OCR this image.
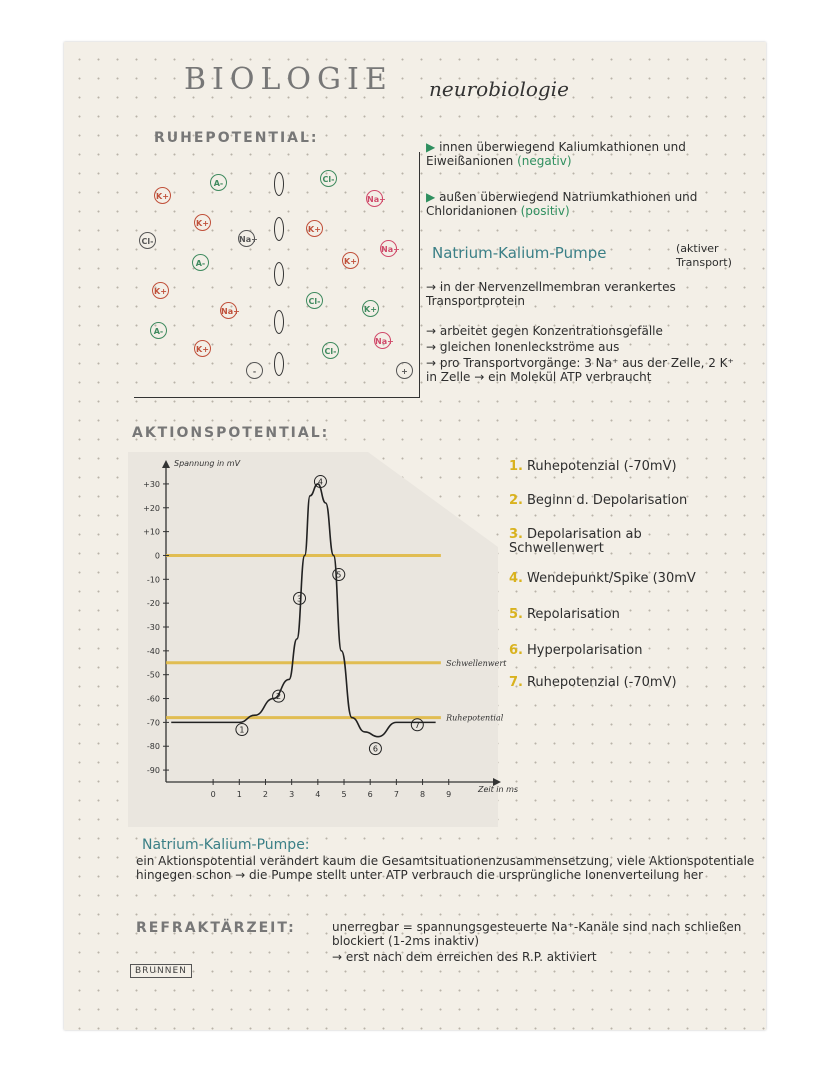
BIOLOGIE neurobiologie
RUHEPOTENTIAL:
K+
A-
Cl-
Na+
K+
Na+
K+
Cl-
A-
Na+
K+
Na+
K+
K+
Cl-
Na+
A-
K+
Cl-
-	+
▶ innen überwiegend Kaliumkathionen und Eiweißanionen (negativ)
▶ außen überwiegend Natriumkathionen und Chloridanionen (positiv)
Natrium-Kalium-Pumpe	(aktiver Transport)
→ in der Nervenzellmembran verankertes Transportprotein
→ arbeitet gegen Konzentrationsgefälle
→ gleichen Ionenleckströme aus
→ pro Transportvorgänge: 3 Na⁺ aus der Zelle, 2 K⁺ in Zelle → ein Molekül ATP verbraucht
AKTIONSPOTENTIAL:
Schwellenwert
Ruhepotential
+30
+20
+10
0
-10
-20
-30
-40
-50
-60
-70
-80
-90
0	1	2	3	4	5	6	7	8	9
Spannung in mV
Zeit in ms
1
2
3
4
5
6
7
1. Ruhepotenzial (-70mV)
2. Beginn d. Depolarisation
3. Depolarisation ab Schwellenwert
4. Wendepunkt/Spike (30mV
5. Repolarisation
6. Hyperpolarisation
7. Ruhepotenzial (-70mV)
Natrium-Kalium-Pumpe:
ein Aktionspotential verändert kaum die Gesamtsituationenzusammensetzung, viele Aktionspotentiale hingegen schon → die Pumpe stellt unter ATP verbrauch die ursprüngliche Ionenverteilung her
REFRAKTÄRZEIT:	unerregbar = spannungsgesteuerte Na⁺-Kanäle sind nach schließen blockiert (1-2ms inaktiv)
→ erst nach dem erreichen des R.P. aktiviert
BRUNNEN
